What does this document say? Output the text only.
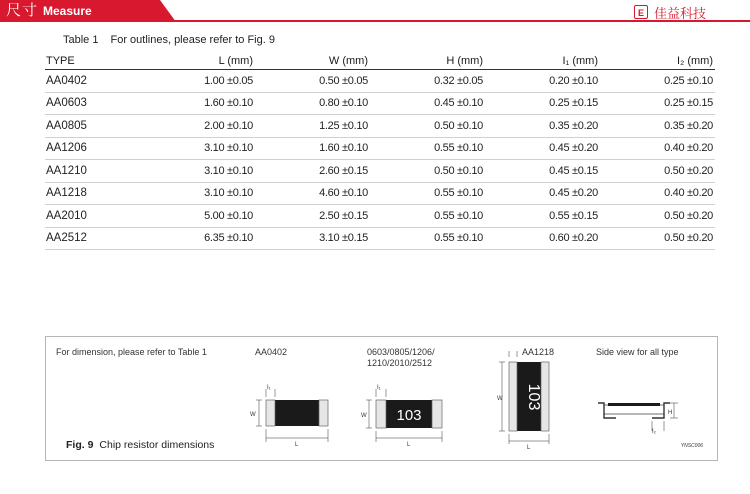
尺寸 Measure	E 佳益科技
Table 1 For outlines, please refer to Fig. 9
TYPE	L (mm)	W (mm)	H (mm)	I₁ (mm)	I₂ (mm)
AA0402	1.00 ±0.05	0.50 ±0.05	0.32 ±0.05	0.20 ±0.10	0.25 ±0.10
AA0603	1.60 ±0.10	0.80 ±0.10	0.45 ±0.10	0.25 ±0.15	0.25 ±0.15
AA0805	2.00 ±0.10	1.25 ±0.10	0.50 ±0.10	0.35 ±0.20	0.35 ±0.20
AA1206	3.10 ±0.10	1.60 ±0.10	0.55 ±0.10	0.45 ±0.20	0.40 ±0.20
AA1210	3.10 ±0.10	2.60 ±0.15	0.50 ±0.10	0.45 ±0.15	0.50 ±0.20
AA1218	3.10 ±0.10	4.60 ±0.10	0.55 ±0.10	0.45 ±0.20	0.40 ±0.20
AA2010	5.00 ±0.10	2.50 ±0.15	0.55 ±0.10	0.55 ±0.15	0.50 ±0.20
AA2512	6.35 ±0.10	3.10 ±0.15	0.55 ±0.10	0.60 ±0.20	0.50 ±0.20
For dimension, please refer to Table 1	AA0402	0603/0805/1206/
1210/2010/2512
AA1218	Side view for all type
I₁
W
L
103
I₁
W
L
103
W
L
H
I₂
Fig. 9 Chip resistor dimensions	YNSC006
